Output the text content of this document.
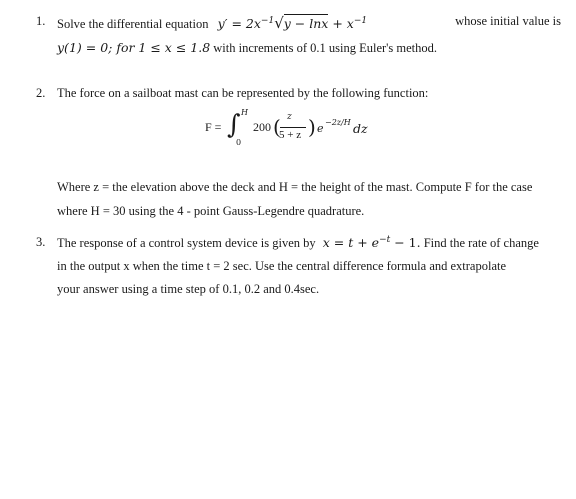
1. Solve the differential equation $y' = 2x^{-1}√y - \ln x + x^{-1}$	whose initial value is
y(1) = 0; for 1 ≤ x ≤ 1.8 with increments of 0.1 using Euler's method.
2. The force on a sailboat mast can be represented by the following function:
F = ∫ H
0
200 ( z
5 + z ) e −2z/H dz
Where z = the elevation above the deck and H = the height of the mast. Compute F for the case
where H = 30 using the 4 - point Gauss-Legendre quadrature.
3. The response of a control system device is given by $x = t + e^{-t} - 1$. Find the rate of change
in the output x when the time t = 2 sec. Use the central difference formula and extrapolate
your answer using a time step of 0.1, 0.2 and 0.4sec.
